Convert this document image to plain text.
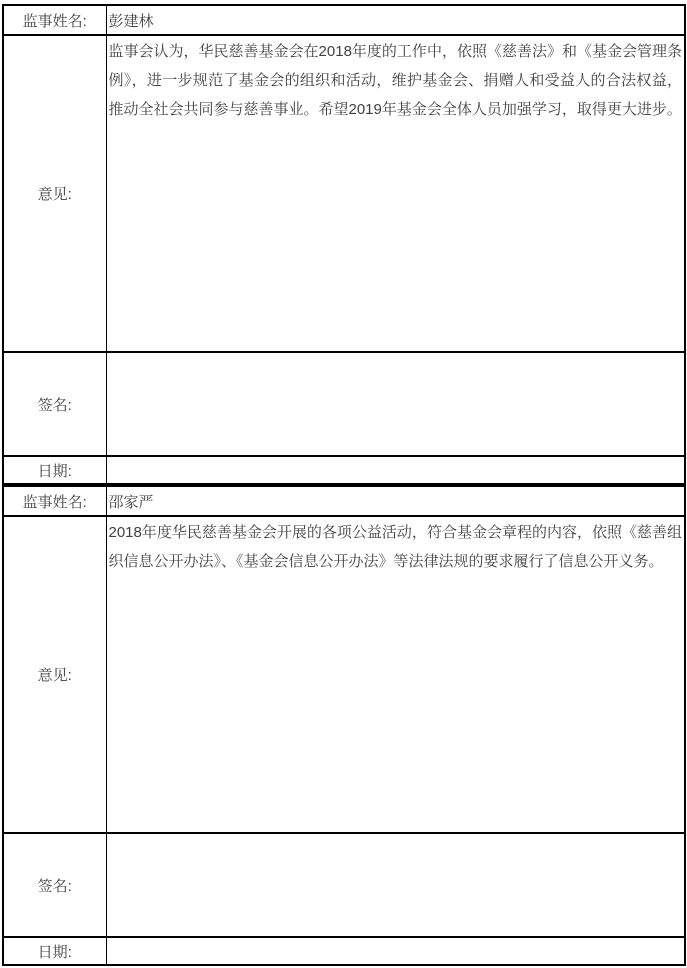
监事姓名:	彭建林
意见:	监事会认为，华民慈善基金会在2018年度的工作中，依照《慈善法》和《基金会管理条例》，进一步规范了基金会的组织和活动，维护基金会、捐赠人和受益人的合法权益，推动全社会共同参与慈善事业。希望2019年基金会全体人员加强学习，取得更大进步。
签名:	
日期:	
监事姓名:	邵家严
意见:	2018年度华民慈善基金会开展的各项公益活动，符合基金会章程的内容，依照《慈善组织信息公开办法》、《基金会信息公开办法》等法律法规的要求履行了信息公开义务。
签名:	
日期:	
